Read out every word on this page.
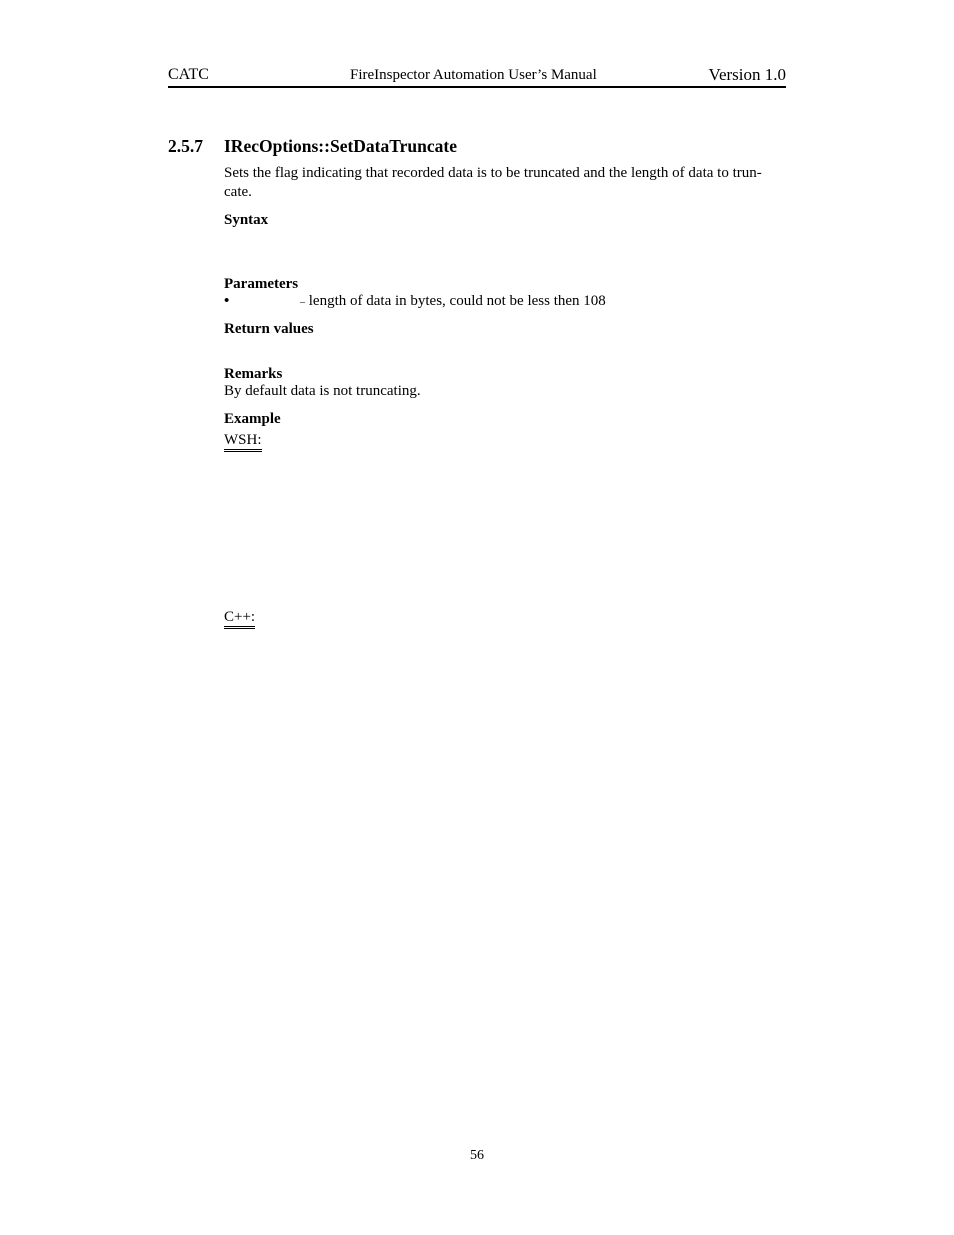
CATC	FireInspector Automation User’s Manual	Version 1.0
2.5.7 IRecOptions::SetDataTruncate
Sets the flag indicating that recorded data is to be truncated and the length of data to trun-cate.
Syntax
Parameters
•	– length of data in bytes, could not be less then 108
Return values
Remarks
By default data is not truncating.
Example
WSH:
C++:
56
